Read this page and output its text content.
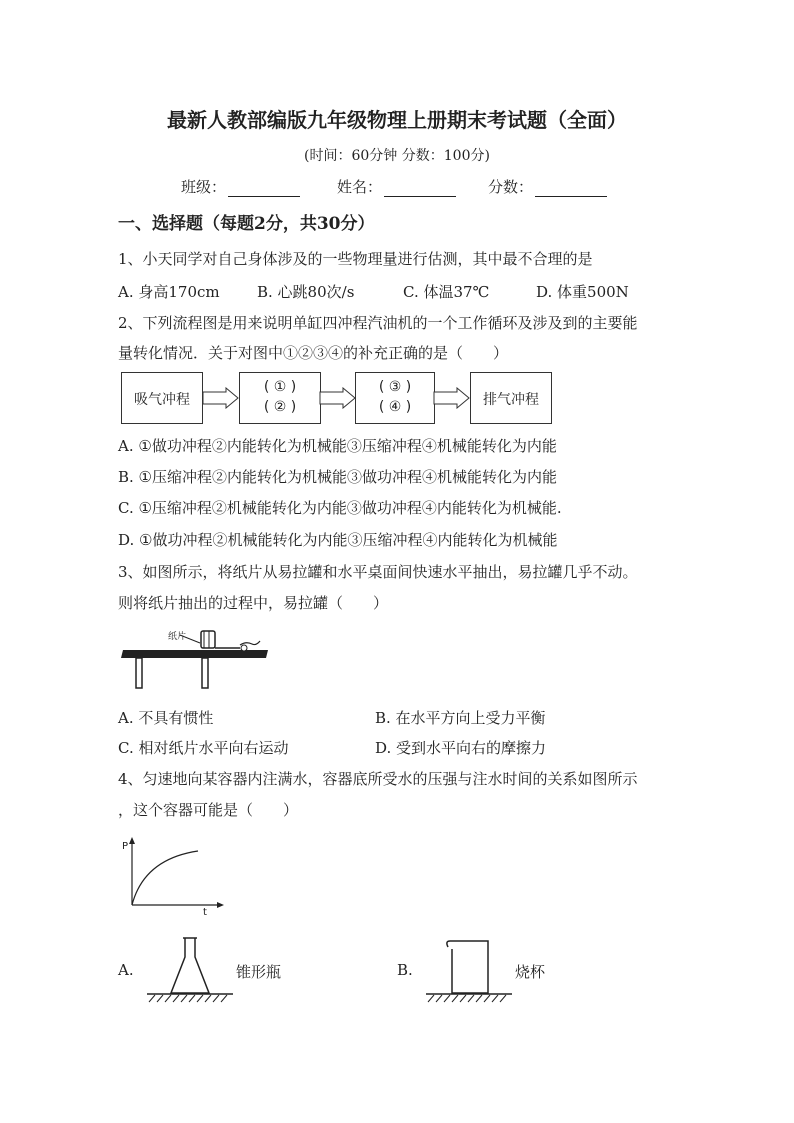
最新人教部编版九年级物理上册期末考试题（全面）
(时间：60分钟 分数：100分)
班级：	姓名：	分数：
一、选择题（每题2分，共30分）
1、小天同学对自己身体涉及的一些物理量进行估测，其中最不合理的是
A. 身高170cm B. 心跳80次/s	C. 体温37℃	D. 体重500N
2、下列流程图是用来说明单缸四冲程汽油机的一个工作循环及涉及到的主要能
量转化情况．关于对图中①②③④的补充正确的是（　　）
吸气冲程
( ① )
( ② )
( ③ )
( ④ )	排气冲程
A. ①做功冲程②内能转化为机械能③压缩冲程④机械能转化为内能
B. ①压缩冲程②内能转化为机械能③做功冲程④机械能转化为内能
C. ①压缩冲程②机械能转化为内能③做功冲程④内能转化为机械能.
D. ①做功冲程②机械能转化为内能③压缩冲程④内能转化为机械能
3、如图所示，将纸片从易拉罐和水平桌面间快速水平抽出，易拉罐几乎不动。
则将纸片抽出的过程中，易拉罐（　　）
纸片
A. 不具有惯性	B. 在水平方向上受力平衡
C. 相对纸片水平向右运动	D. 受到水平向右的摩擦力
4、匀速地向某容器内注满水，容器底所受水的压强与注水时间的关系如图所示
，这个容器可能是（　　）
P
t
A.	锥形瓶	B.	烧杯
